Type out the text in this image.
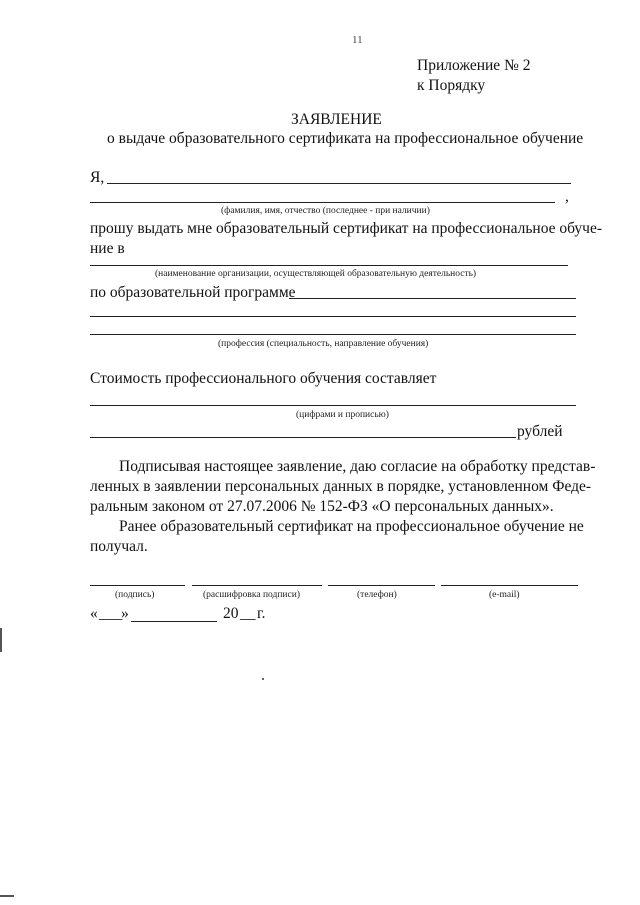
11
Приложение № 2
к Порядку
ЗАЯВЛЕНИЕ
о выдаче образовательного сертификата на профессиональное обучение
Я,
,
(фамилия, имя, отчество (последнее - при наличии)
прошу выдать мне образовательный сертификат на профессиональное обуче-
ние в
(наименование организации, осуществляющей образовательную деятельность)
по образовательной программе
(профессия (специальность, направление обучения)
Стоимость профессионального обучения составляет
(цифрами и прописью)
рублей
Подписывая настоящее заявление, даю согласие на обработку представ-
ленных в заявлении персональных данных в порядке, установленном Феде-
ральным законом от 27.07.2006 № 152-ФЗ «О персональных данных».
Ранее образовательный сертификат на профессиональное обучение не
получал.
(подпись)	(расшифровка подписи)	(телефон)	(e-mail)
« ___
»	20 __ г.
